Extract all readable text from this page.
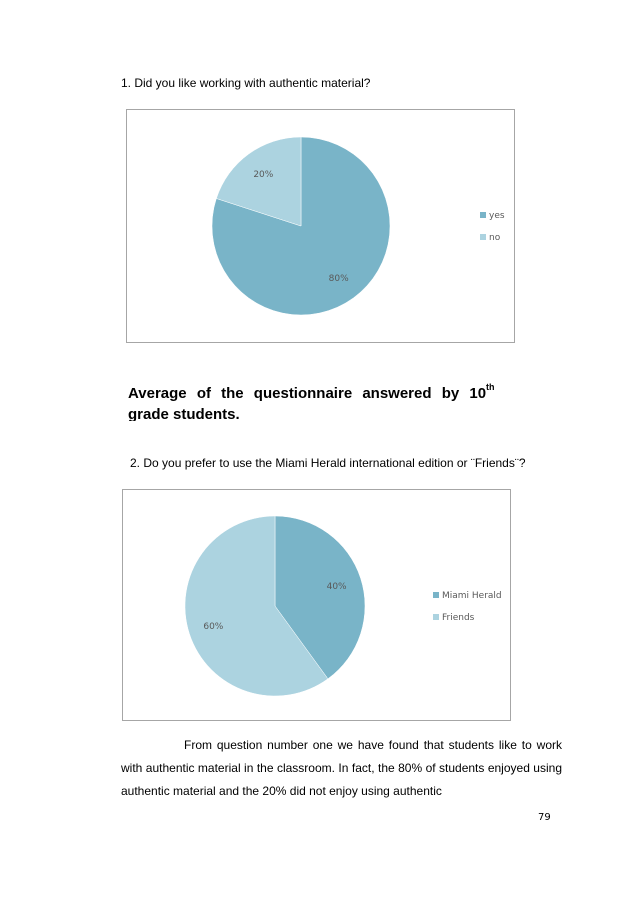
1. Did you like working with authentic material?
80%
20%
yes
no
Average of the questionnaire answered by 10th
grade students.
2. Do you prefer to use the Miami Herald international edition or ¨Friends¨?
40%
60%
Miami Herald
Friends
From question number one we have found that students like to work with authentic material in the classroom. In fact, the 80% of students enjoyed using authentic material and the 20% did not enjoy using authentic
79
